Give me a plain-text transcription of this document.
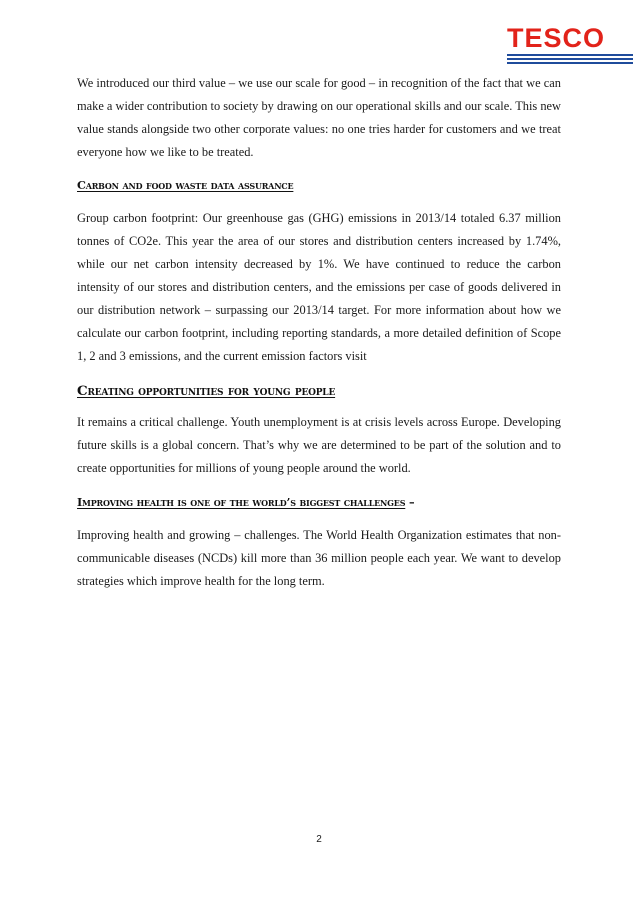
TESCO

We introduced our third value – we use our scale for good – in recognition of the fact that we can make a wider contribution to society by drawing on our operational skills and our scale. This new value stands alongside two other corporate values: no one tries harder for customers and we treat everyone how we like to be treated.

Carbon and food waste data assurance

Group carbon footprint: Our greenhouse gas (GHG) emissions in 2013/14 totaled 6.37 million tonnes of CO2e. This year the area of our stores and distribution centers increased by 1.74%, while our net carbon intensity decreased by 1%. We have continued to reduce the carbon intensity of our stores and distribution centers, and the emissions per case of goods delivered in our distribution network – surpassing our 2013/14 target. For more information about how we calculate our carbon footprint, including reporting standards, a more detailed definition of Scope 1, 2 and 3 emissions, and the current emission factors visit

Creating opportunities for young people

It remains a critical challenge. Youth unemployment is at crisis levels across Europe. Developing future skills is a global concern. That’s why we are determined to be part of the solution and to create opportunities for millions of young people around the world.

Improving health is one of the world’s biggest challenges –

Improving health and growing – challenges. The World Health Organization estimates that non-communicable diseases (NCDs) kill more than 36 million people each year. We want to develop strategies which improve health for the long term.

2
